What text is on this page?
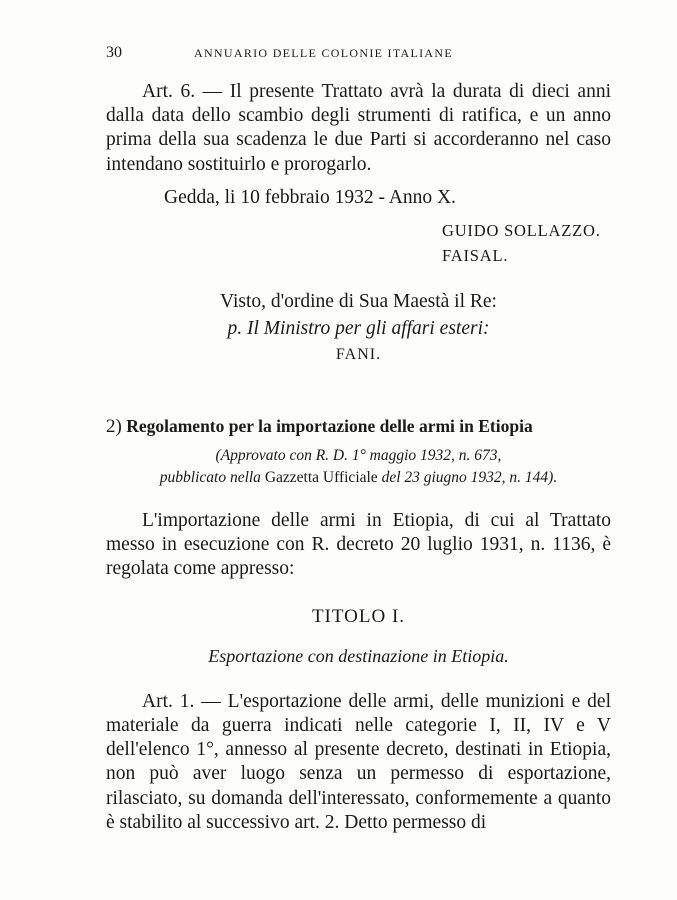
30	ANNUARIO DELLE COLONIE ITALIANE

Art. 6. — Il presente Trattato avrà la durata di dieci anni dalla data dello scambio degli strumenti di ratifica, e un anno prima della sua scadenza le due Parti si accorderanno nel caso intendano sostituirlo e prorogarlo.

Gedda, li 10 febbraio 1932 - Anno X.

GUIDO SOLLAZZO.
FAISAL.

Visto, d'ordine di Sua Maestà il Re:

p. Il Ministro per gli affari esteri:

FANI.

2) Regolamento per la importazione delle armi in Etiopia

(Approvato con R. D. 1° maggio 1932, n. 673,
pubblicato nella Gazzetta Ufficiale del 23 giugno 1932, n. 144).

L'importazione delle armi in Etiopia, di cui al Trattato messo in esecuzione con R. decreto 20 luglio 1931, n. 1136, è regolata come appresso:

TITOLO I.

Esportazione con destinazione in Etiopia.

Art. 1. — L'esportazione delle armi, delle munizioni e del materiale da guerra indicati nelle categorie I, II, IV e V dell'elenco 1°, annesso al presente decreto, destinati in Etiopia, non può aver luogo senza un permesso di esportazione, rilasciato, su domanda dell'interessato, conformemente a quanto è stabilito al successivo art. 2. Detto permesso di
